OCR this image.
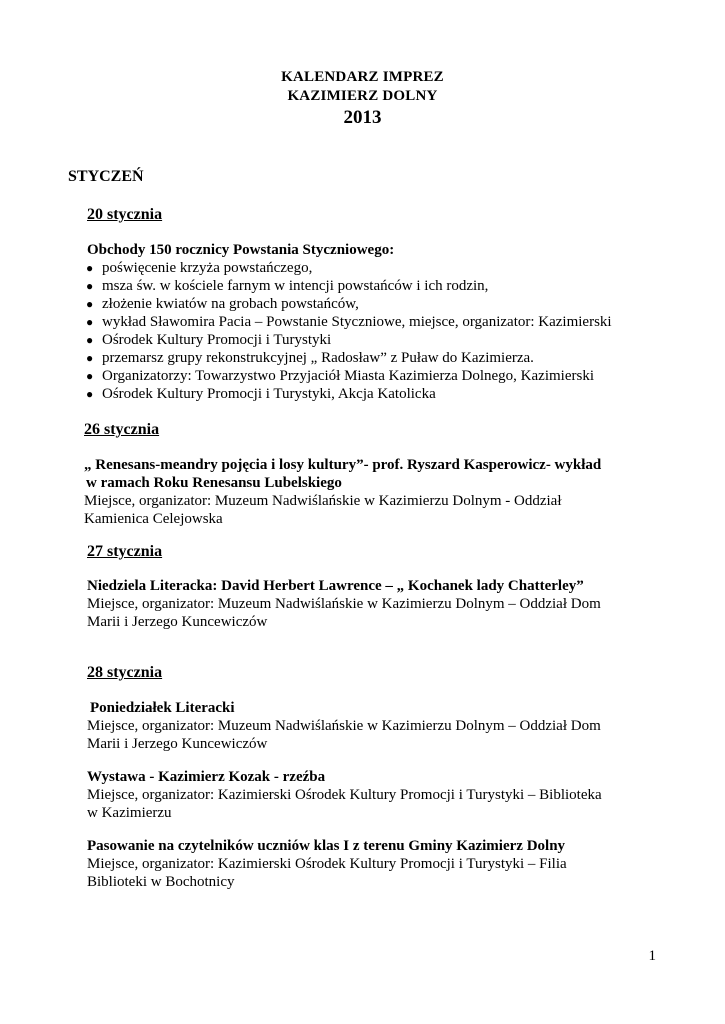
KALENDARZ IMPREZ
KAZIMIERZ DOLNY
2013
STYCZEŃ
20 stycznia

Obchody 150 rocznicy Powstania Styczniowego:

● poświęcenie krzyża powstańczego,
● msza św. w kościele farnym w intencji powstańców i ich rodzin,
● złożenie kwiatów na grobach powstańców,
● wykład Sławomira Pacia – Powstanie Styczniowe, miejsce, organizator: Kazimierski
● Ośrodek Kultury Promocji i Turystyki
● przemarsz grupy rekonstrukcyjnej „ Radosław” z Puław do Kazimierza.
● Organizatorzy: Towarzystwo Przyjaciół Miasta Kazimierza Dolnego, Kazimierski
● Ośrodek Kultury Promocji i Turystyki, Akcja Katolicka
26 stycznia

„ Renesans-meandry pojęcia i losy kultury”- prof. Ryszard Kasperowicz- wykład

w ramach Roku Renesansu Lubelskiego

Miejsce, organizator: Muzeum Nadwiślańskie w Kazimierzu Dolnym - Oddział

Kamienica Celejowska

27 stycznia

Niedziela Literacka: David Herbert Lawrence – „ Kochanek lady Chatterley”

Miejsce, organizator: Muzeum Nadwiślańskie w Kazimierzu Dolnym – Oddział Dom

Marii i Jerzego Kuncewiczów

28 stycznia

Poniedziałek Literacki

Miejsce, organizator: Muzeum Nadwiślańskie w Kazimierzu Dolnym – Oddział Dom

Marii i Jerzego Kuncewiczów

Wystawa - Kazimierz Kozak - rzeźba

Miejsce, organizator: Kazimierski Ośrodek Kultury Promocji i Turystyki – Biblioteka

w Kazimierzu

Pasowanie na czytelników uczniów klas I z terenu Gminy Kazimierz Dolny

Miejsce, organizator: Kazimierski Ośrodek Kultury Promocji i Turystyki – Filia

Biblioteki w Bochotnicy

1
